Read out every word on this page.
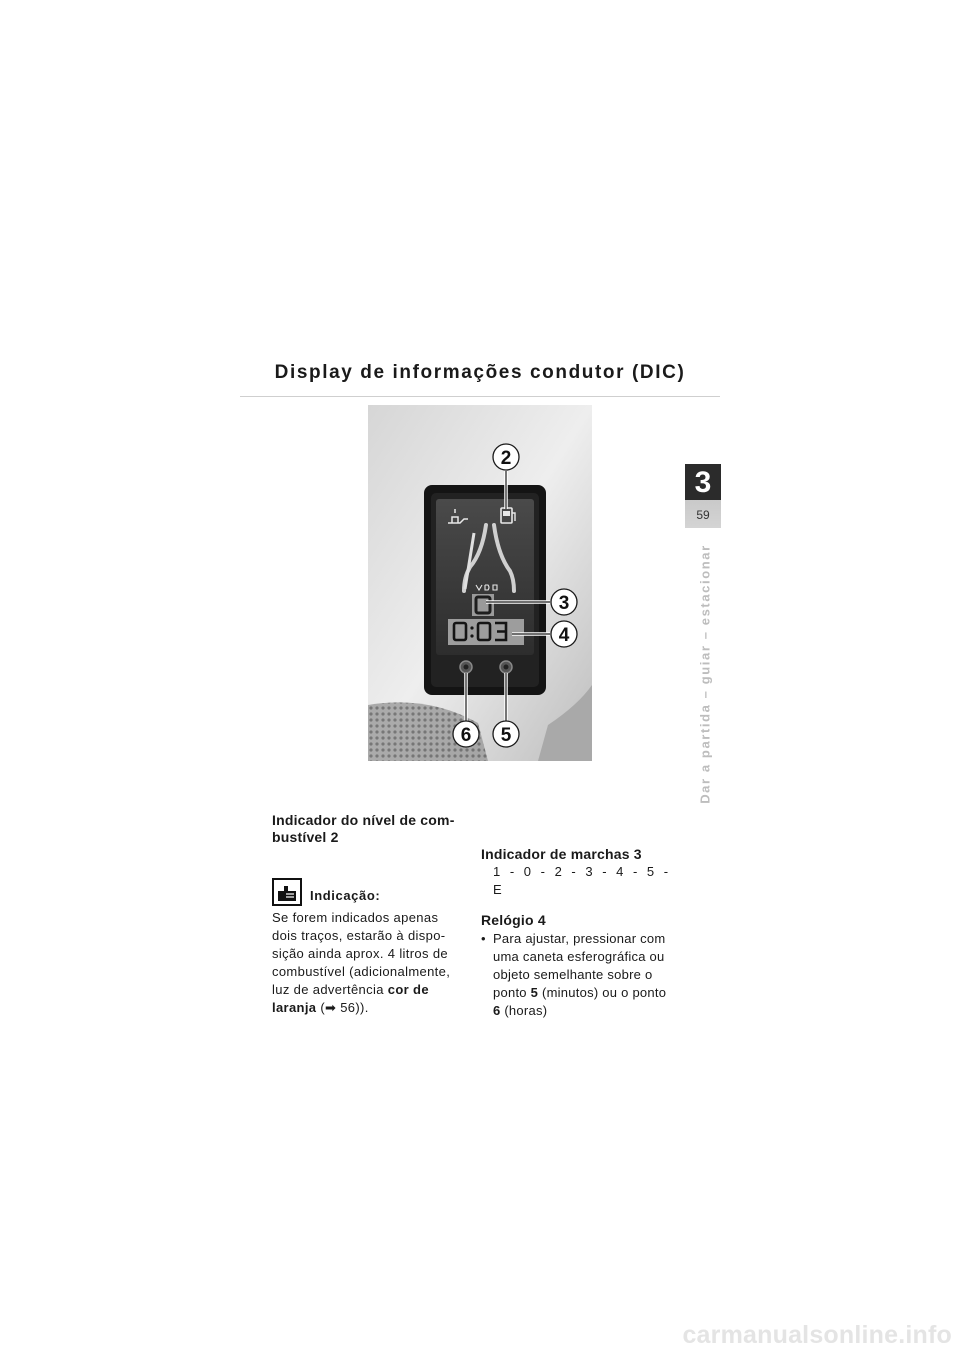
Display de informações condutor (DIC)
3
59
Dar a partida – guiar – estacionar
2
3
4
6 5
Indicador do nível de com-
bustível 2
Indicação:
Se forem indicados apenas
dois traços, estarão à dispo-
sição ainda aprox. 4 litros de
combustível (adicionalmente,
luz de advertência cor de
laranja (➡ 56)).
Indicador de marchas 3
1 - 0 - 2 - 3 - 4 - 5 - E
Relógio 4
• Para ajustar, pressionar com
uma caneta esferográfica ou
objeto semelhante sobre o
ponto 5 (minutos) ou o ponto
6 (horas)
carmanualsonline.info
